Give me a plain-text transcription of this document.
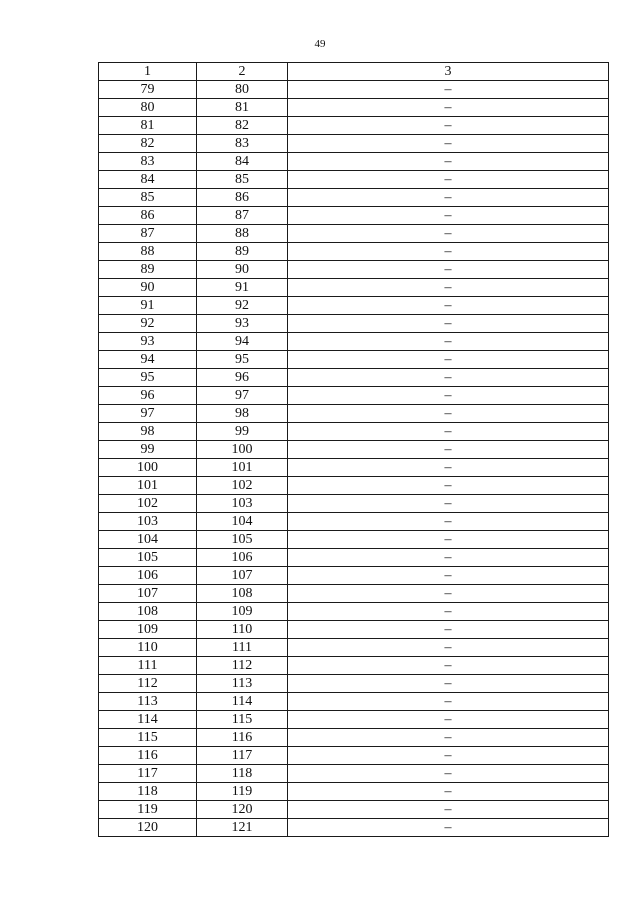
49
1	2	3
79	80	–
80	81	–
81	82	–
82	83	–
83	84	–
84	85	–
85	86	–
86	87	–
87	88	–
88	89	–
89	90	–
90	91	–
91	92	–
92	93	–
93	94	–
94	95	–
95	96	–
96	97	–
97	98	–
98	99	–
99	100	–
100	101	–
101	102	–
102	103	–
103	104	–
104	105	–
105	106	–
106	107	–
107	108	–
108	109	–
109	110	–
110	111	–
111	112	–
112	113	–
113	114	–
114	115	–
115	116	–
116	117	–
117	118	–
118	119	–
119	120	–
120	121	–
